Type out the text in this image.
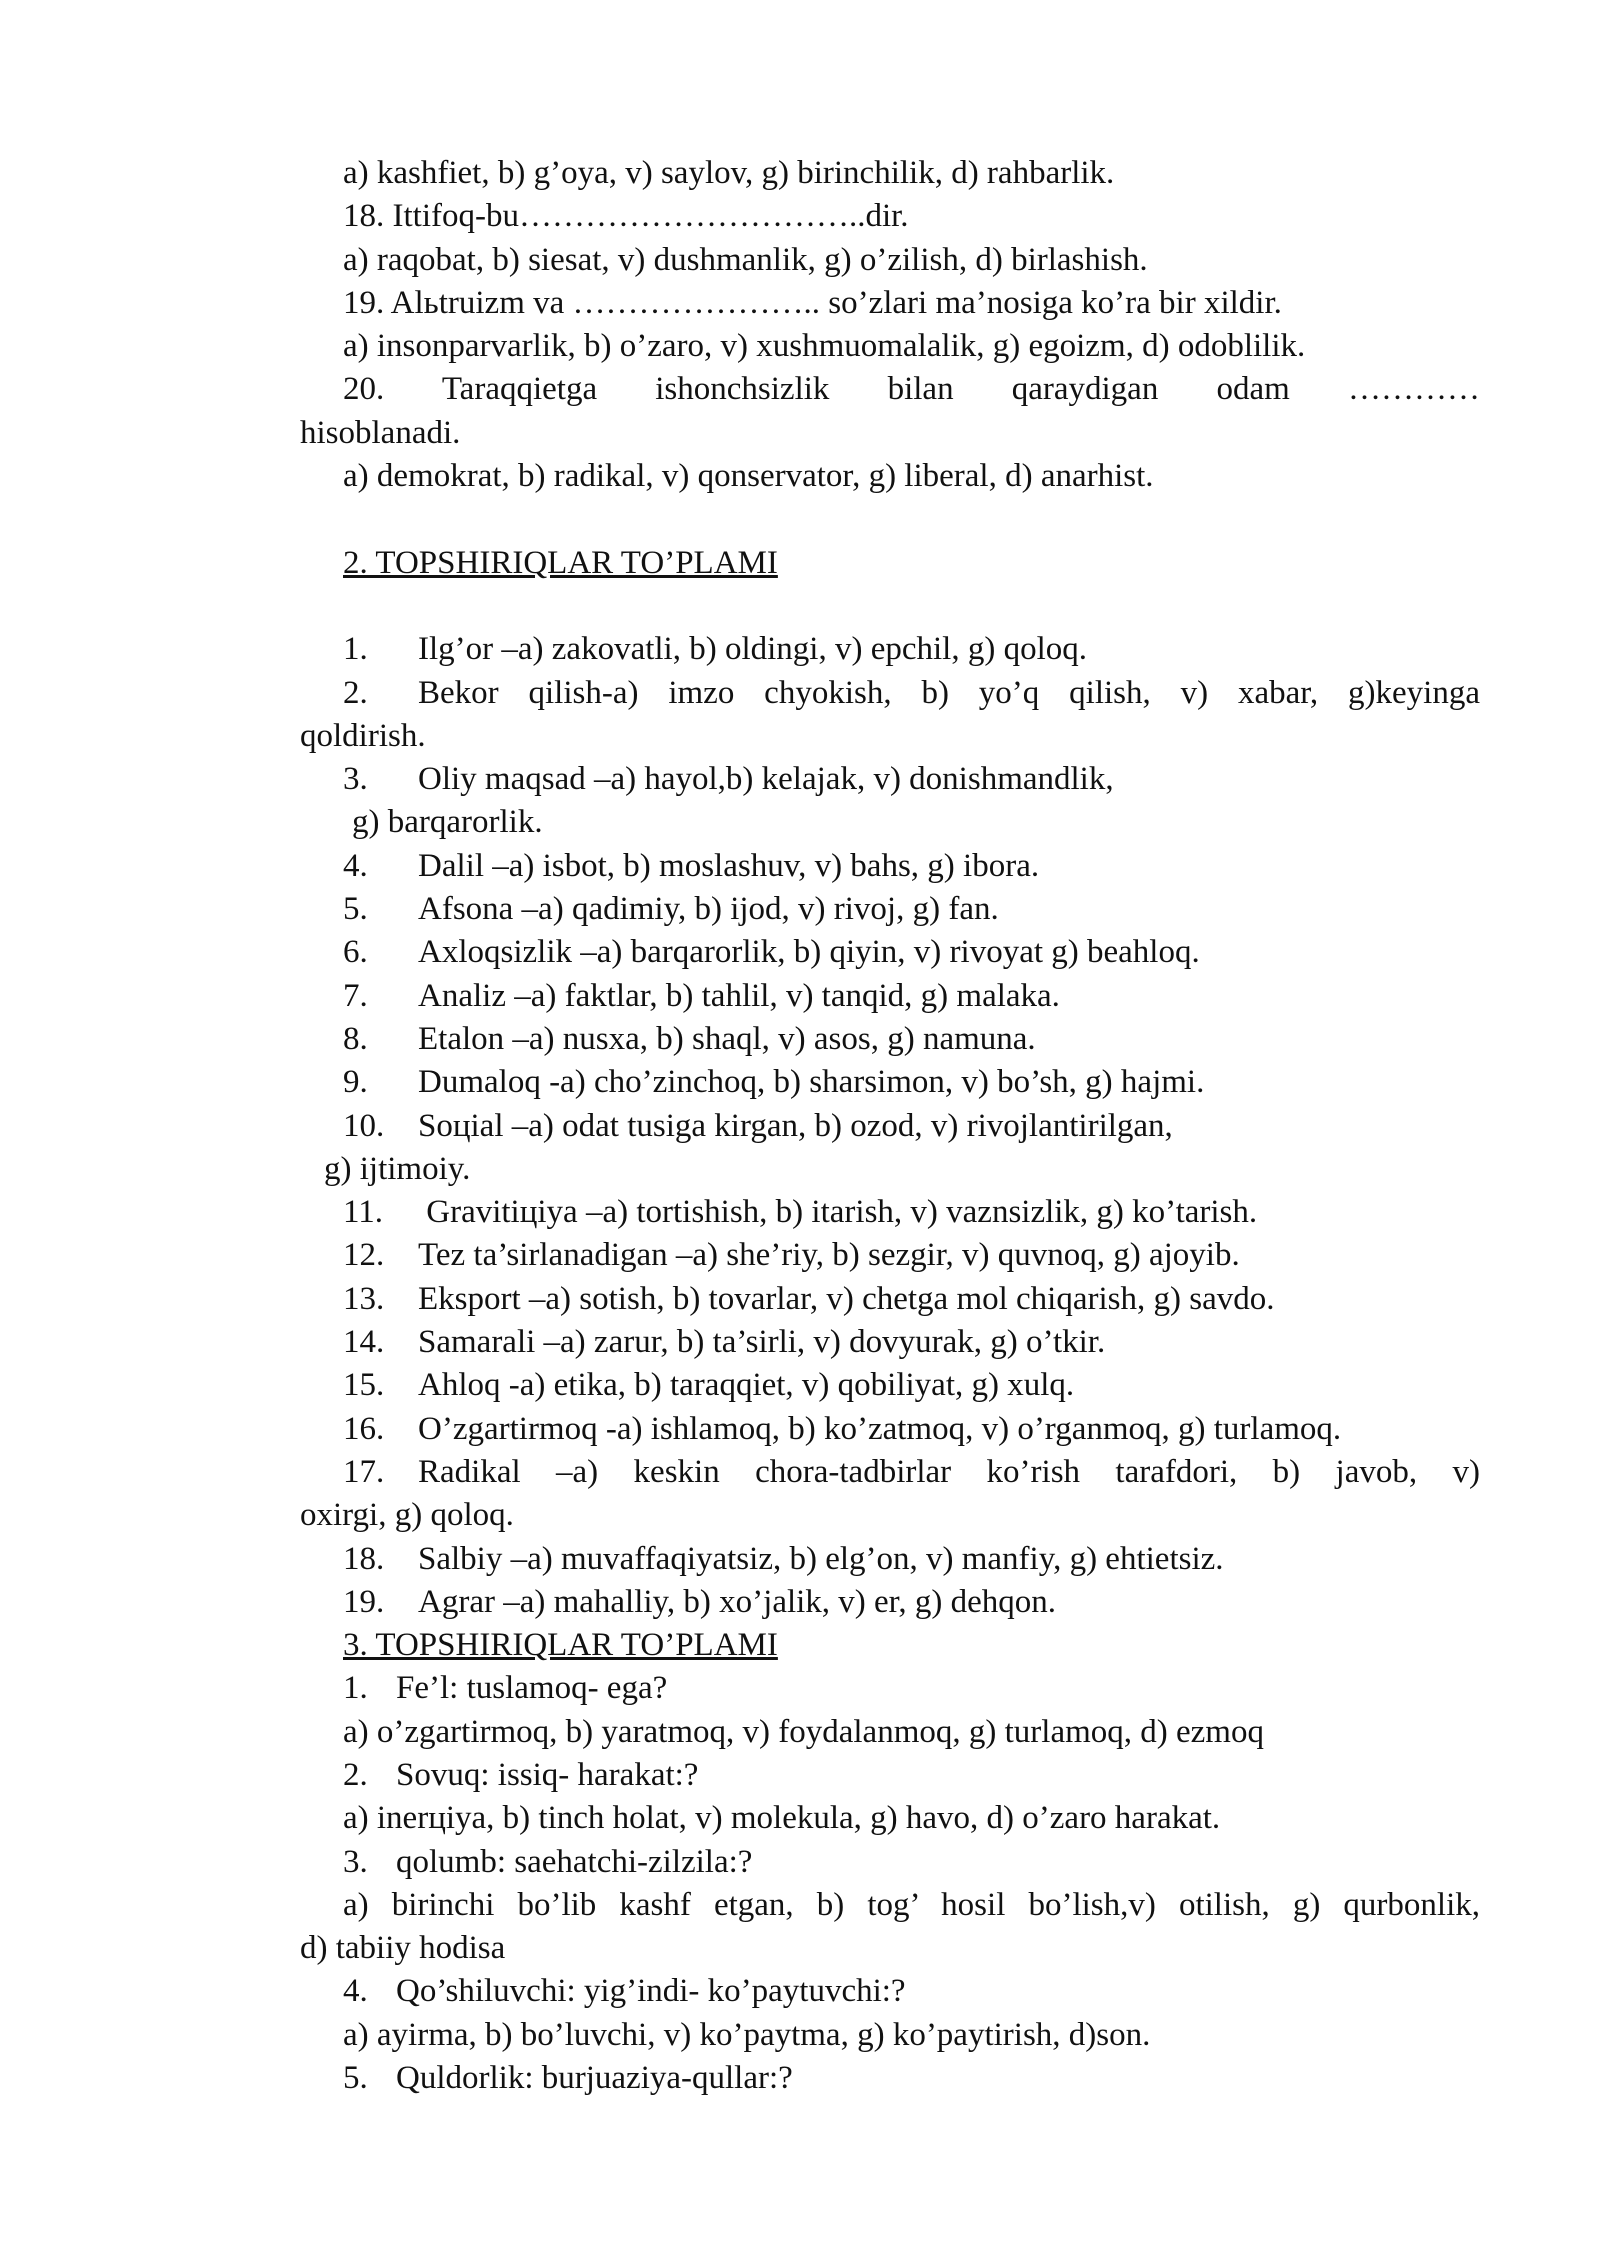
a) kashfiet, b) g’oya, v) saylov, g) birinchilik, d) rahbarlik.
18. Ittifoq-bu…………………………..dir.
a) raqobat, b) siesat, v) dushmanlik, g) o’zilish, d) birlashish.
19. Alьtruizm va ………………….. so’zlari ma’nosiga ko’ra bir xildir.
a) insonparvarlik, b) o’zaro, v) xushmuomalalik, g) egoizm, d) odoblilik.
20. Taraqqietga ishonchsizlik bilan qaraydigan odam …………
hisoblanadi.
a) demokrat, b) radikal, v) qonservator, g) liberal, d) anarhist.
2. TOPSHIRIQLAR TO’PLAMI
1. Ilg’or –a) zakovatli, b) oldingi, v) epchil, g) qoloq.
2. Bekor qilish-a) imzo chyokish, b) yo’q qilish, v) xabar, g)keyinga
qoldirish.
3. Oliy maqsad –a) hayol,b) kelajak, v) donishmandlik,
g) barqarorlik.
4. Dalil –a) isbot, b) moslashuv, v) bahs, g) ibora.
5. Afsona –a) qadimiy, b) ijod, v) rivoj, g) fan.
6. Axloqsizlik –a) barqarorlik, b) qiyin, v) rivoyat g) beahloq.
7. Analiz –a) faktlar, b) tahlil, v) tanqid, g) malaka.
8. Etalon –a) nusxa, b) shaql, v) asos, g) namuna.
9. Dumaloq -a) cho’zinchoq, b) sharsimon, v) bo’sh, g) hajmi.
10. Soцial –a) odat tusiga kirgan, b) ozod, v) rivojlantirilgan,
g) ijtimoiy.
11. Gravitiцiya –a) tortishish, b) itarish, v) vaznsizlik, g) ko’tarish.
12. Tez ta’sirlanadigan –a) she’riy, b) sezgir, v) quvnoq, g) ajoyib.
13. Eksport –a) sotish, b) tovarlar, v) chetga mol chiqarish, g) savdo.
14. Samarali –a) zarur, b) ta’sirli, v) dovyurak, g) o’tkir.
15. Ahloq -a) etika, b) taraqqiet, v) qobiliyat, g) xulq.
16. O’zgartirmoq -a) ishlamoq, b) ko’zatmoq, v) o’rganmoq, g) turlamoq.
17. Radikal –a) keskin chora-tadbirlar ko’rish tarafdori, b) javob, v)
oxirgi, g) qoloq.
18. Salbiy –a) muvaffaqiyatsiz, b) elg’on, v) manfiy, g) ehtietsiz.
19. Agrar –a) mahalliy, b) xo’jalik, v) er, g) dehqon.
3. TOPSHIRIQLAR TO’PLAMI
1. Fe’l: tuslamoq- ega?
a) o’zgartirmoq, b) yaratmoq, v) foydalanmoq, g) turlamoq, d) ezmoq
2. Sovuq: issiq- harakat:?
a) inerцiya, b) tinch holat, v) molekula, g) havo, d) o’zaro harakat.
3. qolumb: saehatchi-zilzila:?
a) birinchi bo’lib kashf etgan, b) tog’ hosil bo’lish,v) otilish, g) qurbonlik,
d) tabiiy hodisa
4. Qo’shiluvchi: yig’indi- ko’paytuvchi:?
a) ayirma, b) bo’luvchi, v) ko’paytma, g) ko’paytirish, d)son.
5. Quldorlik: burjuaziya-qullar:?
